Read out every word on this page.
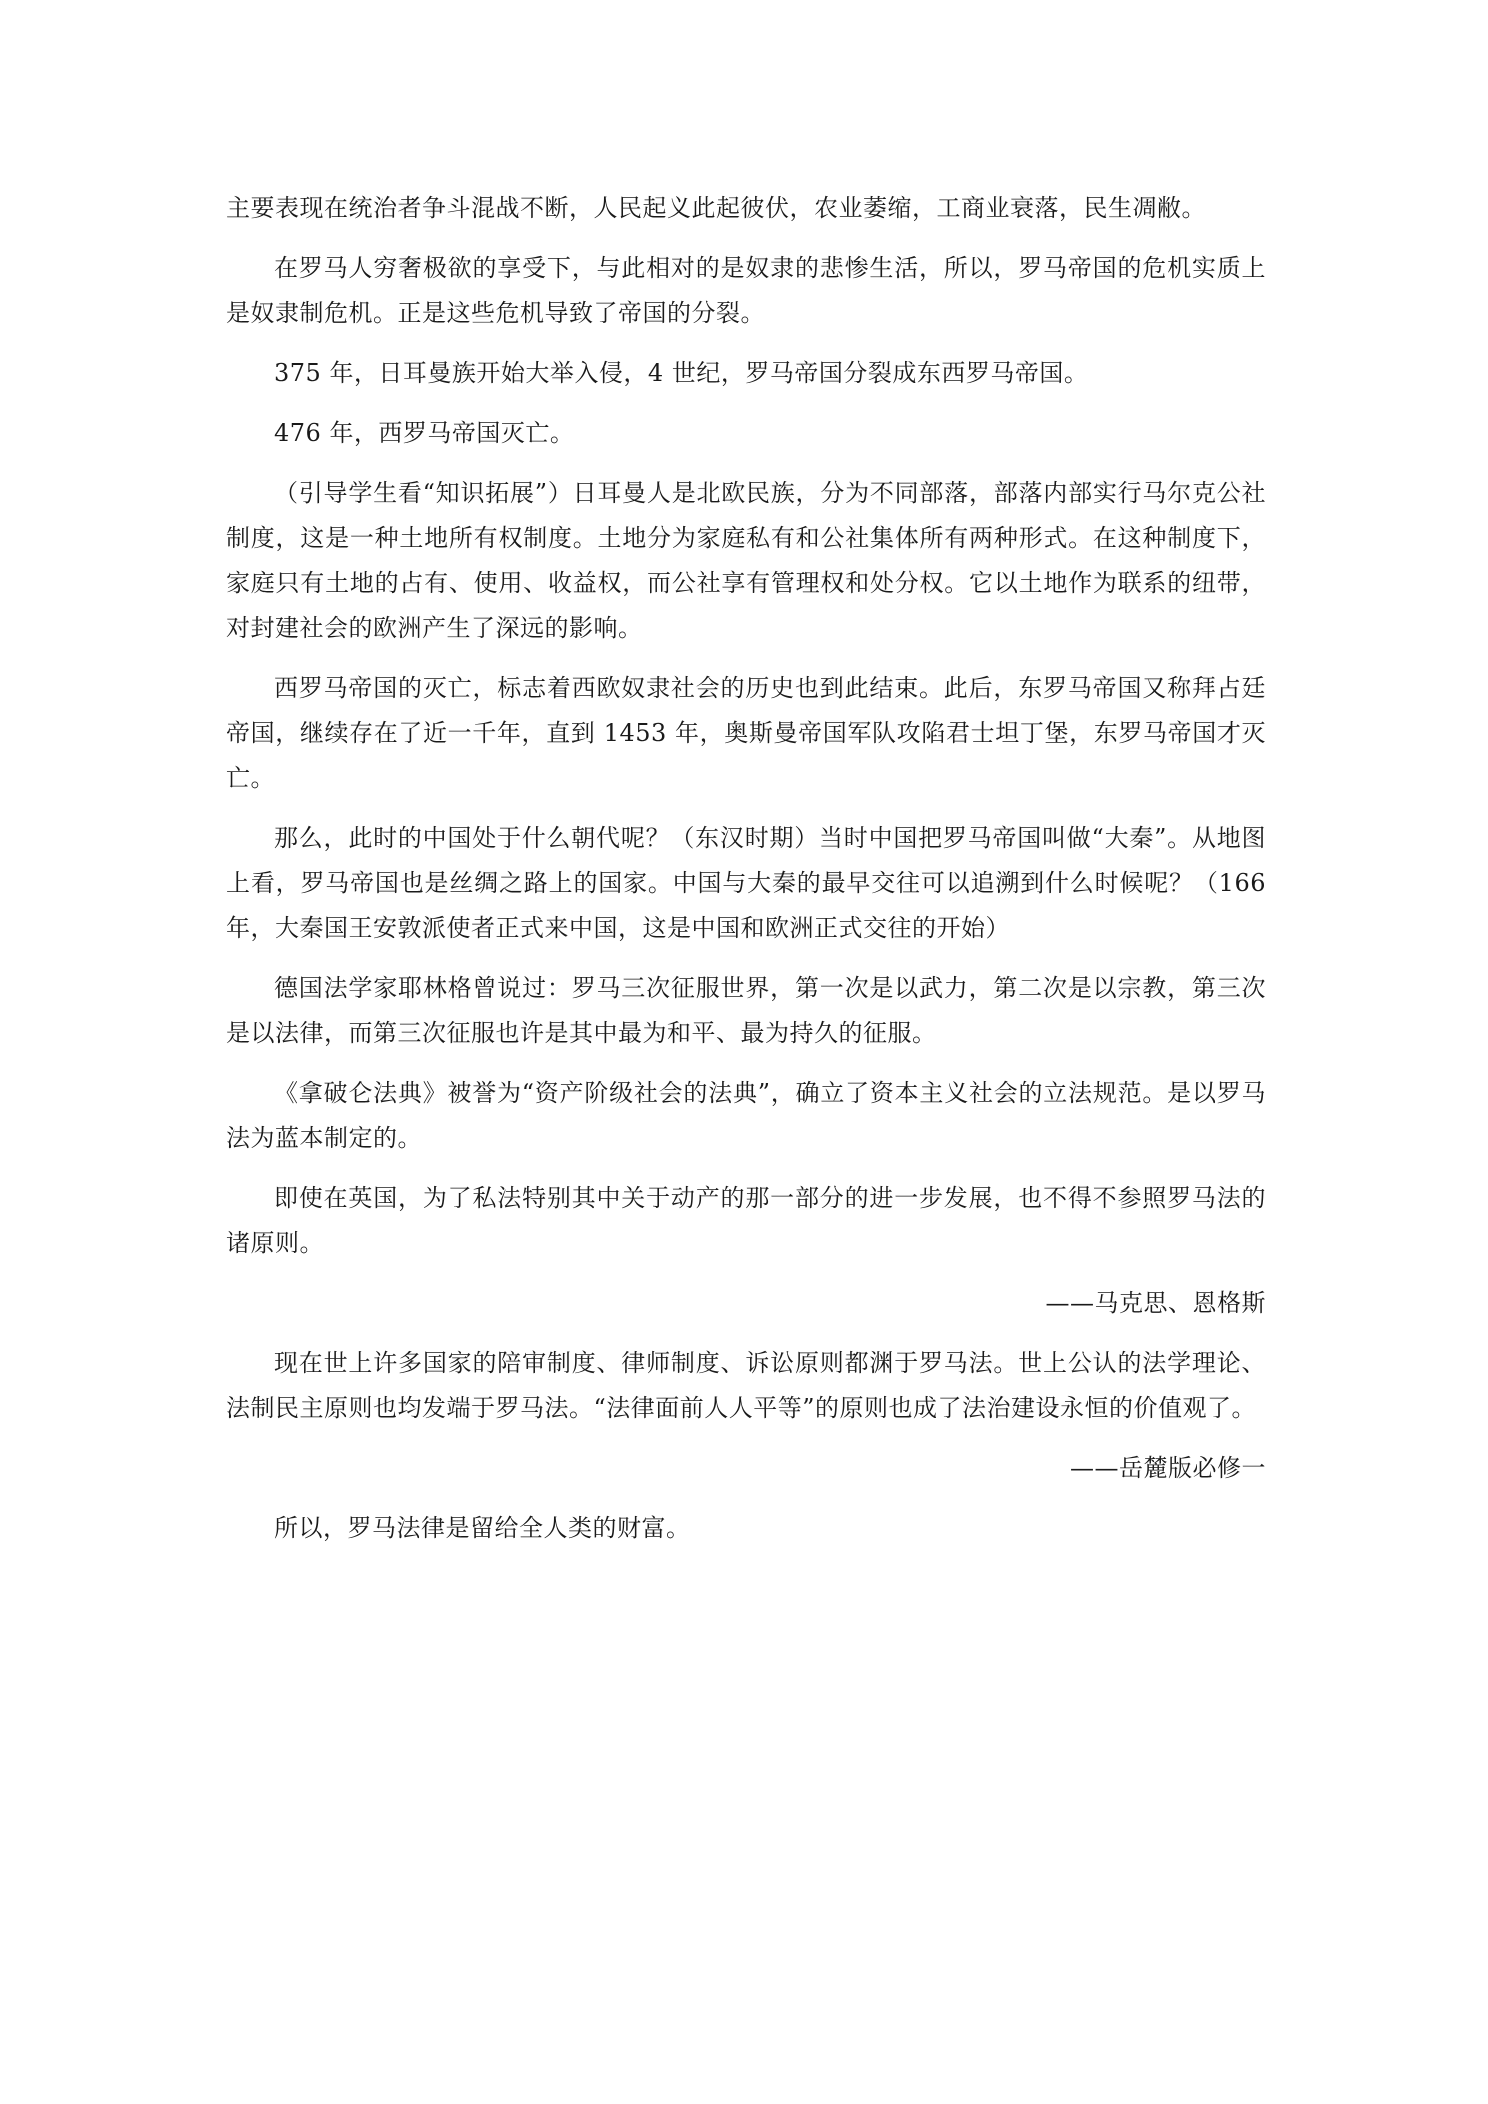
主要表现在统治者争斗混战不断，人民起义此起彼伏，农业萎缩，工商业衰落，民生凋敝。

在罗马人穷奢极欲的享受下，与此相对的是奴隶的悲惨生活，所以，罗马帝国的危机实质上是奴隶制危机。正是这些危机导致了帝国的分裂。

375 年，日耳曼族开始大举入侵，4 世纪，罗马帝国分裂成东西罗马帝国。

476 年，西罗马帝国灭亡。

（引导学生看“知识拓展”）日耳曼人是北欧民族，分为不同部落，部落内部实行马尔克公社制度，这是一种土地所有权制度。土地分为家庭私有和公社集体所有两种形式。在这种制度下，家庭只有土地的占有、使用、收益权，而公社享有管理权和处分权。它以土地作为联系的纽带，对封建社会的欧洲产生了深远的影响。

西罗马帝国的灭亡，标志着西欧奴隶社会的历史也到此结束。此后，东罗马帝国又称拜占廷帝国，继续存在了近一千年，直到 1453 年，奥斯曼帝国军队攻陷君士坦丁堡，东罗马帝国才灭亡。

那么，此时的中国处于什么朝代呢？（东汉时期）当时中国把罗马帝国叫做“大秦”。从地图上看，罗马帝国也是丝绸之路上的国家。中国与大秦的最早交往可以追溯到什么时候呢？（166 年，大秦国王安敦派使者正式来中国，这是中国和欧洲正式交往的开始）

德国法学家耶林格曾说过：罗马三次征服世界，第一次是以武力，第二次是以宗教，第三次是以法律，而第三次征服也许是其中最为和平、最为持久的征服。

《拿破仑法典》被誉为“资产阶级社会的法典”，确立了资本主义社会的立法规范。是以罗马法为蓝本制定的。

即使在英国，为了私法特别其中关于动产的那一部分的进一步发展，也不得不参照罗马法的诸原则。

——马克思、恩格斯

现在世上许多国家的陪审制度、律师制度、诉讼原则都渊于罗马法。世上公认的法学理论、法制民主原则也均发端于罗马法。“法律面前人人平等”的原则也成了法治建设永恒的价值观了。

——岳麓版必修一

所以，罗马法律是留给全人类的财富。
